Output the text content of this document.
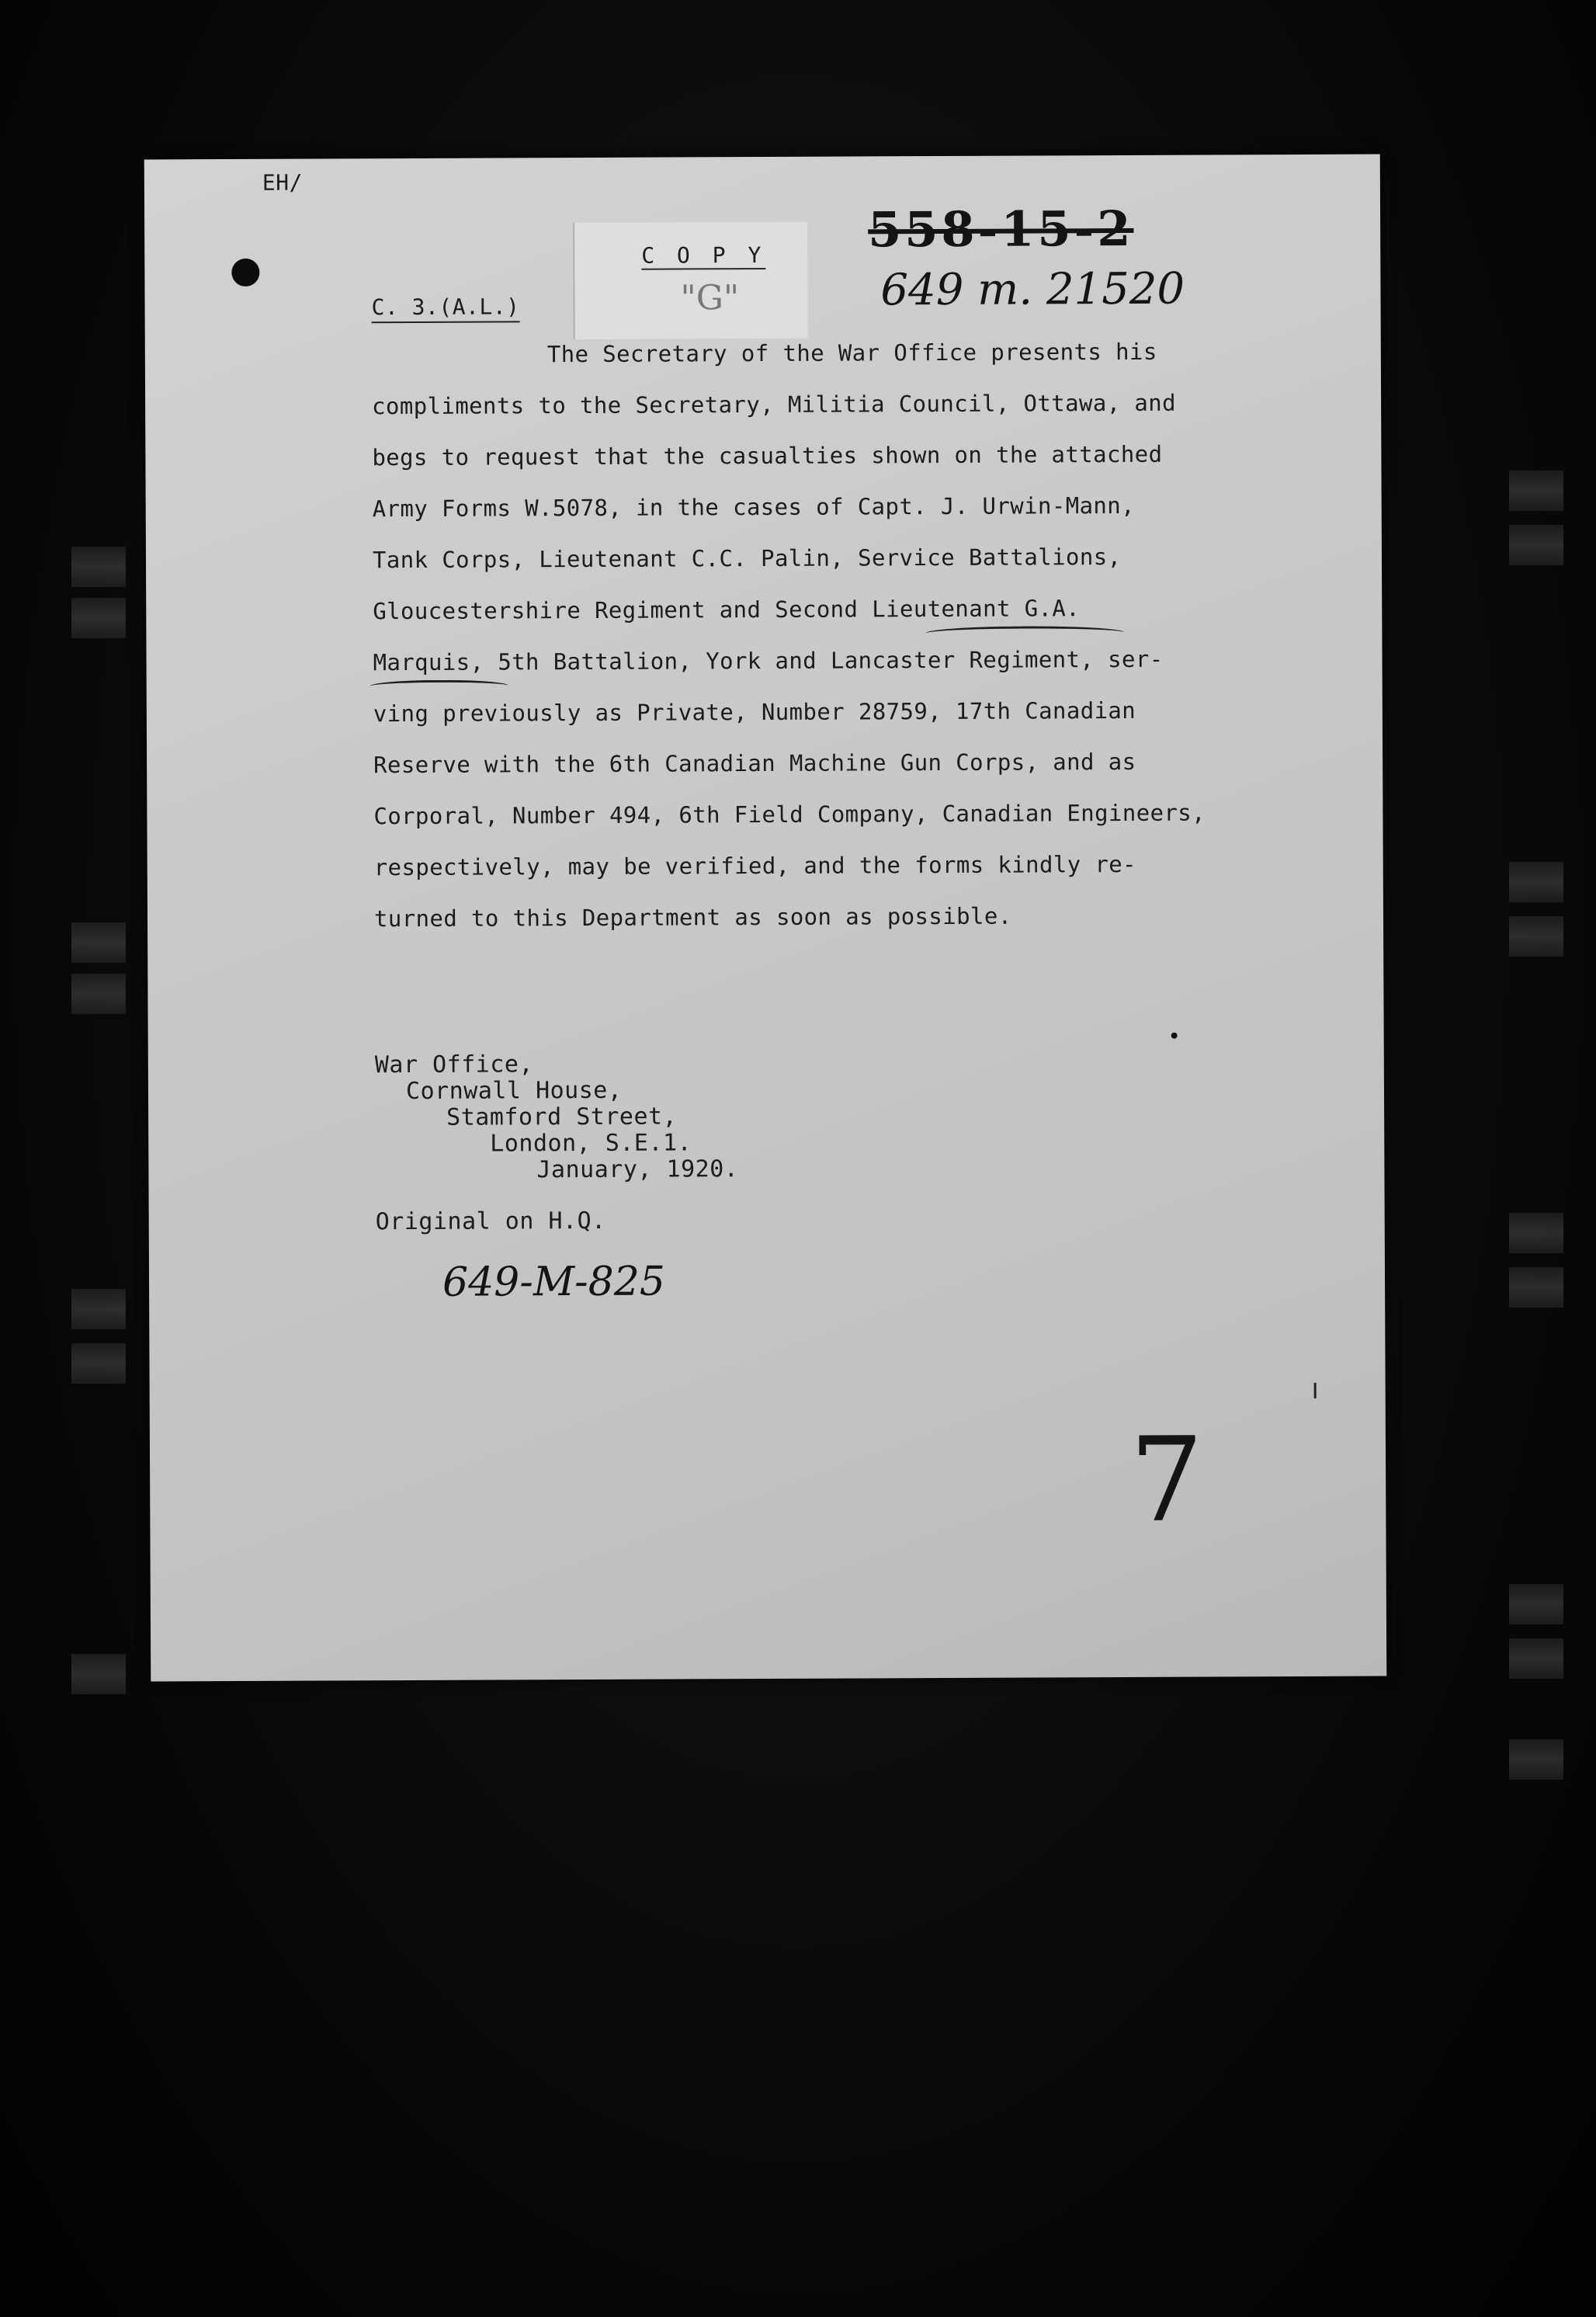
EH/
C O P Y
"G"
C. 3.(A.L.)
558-15-2
649 m. 21520
The Secretary of the War Office presents his
compliments to the Secretary, Militia Council, Ottawa, and
begs to request that the casualties shown on the attached
Army Forms W.5078, in the cases of Capt. J. Urwin-Mann,
Tank Corps, Lieutenant C.C. Palin, Service Battalions,
Gloucestershire Regiment and Second Lieutenant G.A.
Marquis, 5th Battalion, York and Lancaster Regiment, ser-
ving previously as Private, Number 28759, 17th Canadian
Reserve with the 6th Canadian Machine Gun Corps, and as
Corporal, Number 494, 6th Field Company, Canadian Engineers,
respectively, may be verified, and the forms kindly re-
turned to this Department as soon as possible.
War Office,
Cornwall House,
Stamford Street,
London, S.E.1.
January, 1920.
Original on H.Q.
649-M-825
7
